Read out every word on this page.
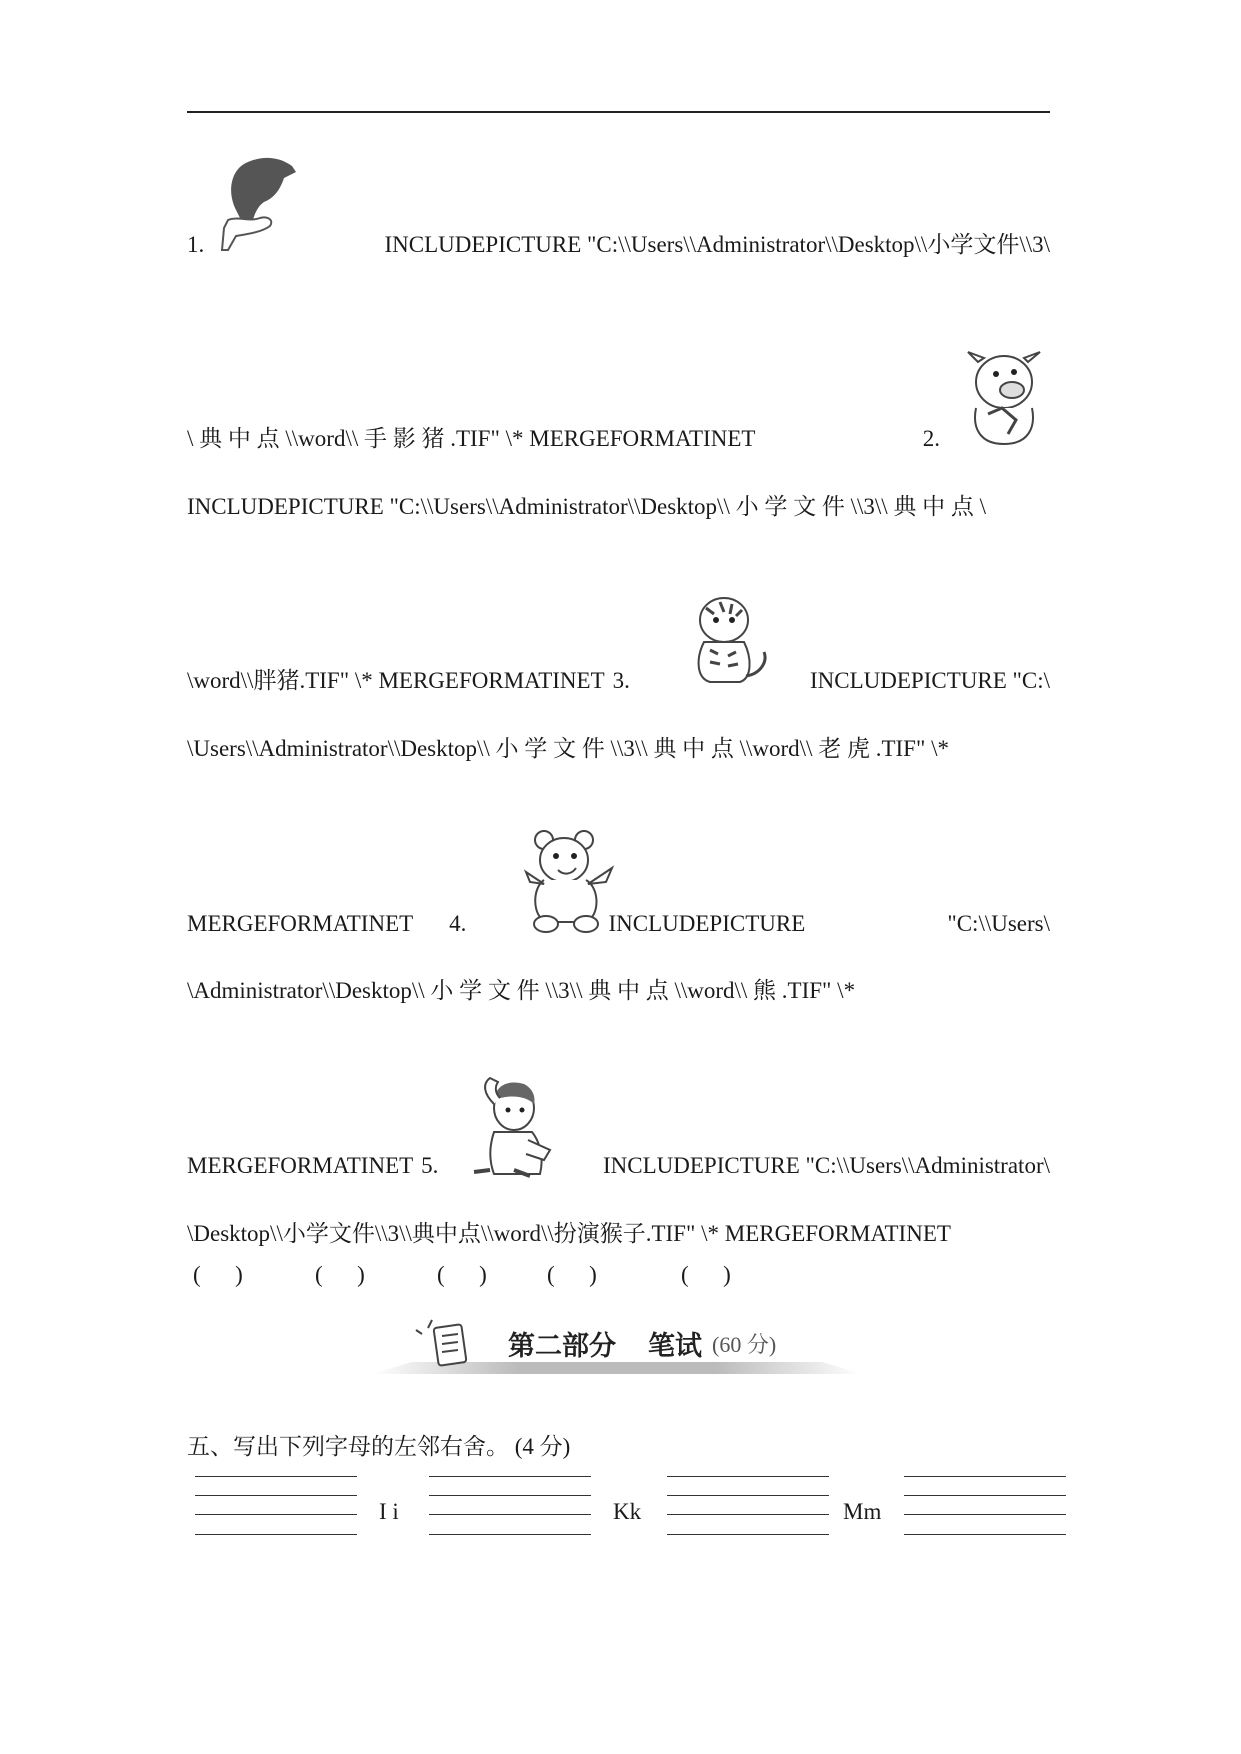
1.	INCLUDEPICTURE "C:\\Users\\Administrator\\Desktop\\小学文件\\3\
\ 典 中 点 \\word\\ 手 影 猪 .TIF" \* MERGEFORMATINET	2.
INCLUDEPICTURE "C:\\Users\\Administrator\\Desktop\\ 小 学 文 件 \\3\\ 典 中 点 \
\word\\胖猪.TIF" \* MERGEFORMATINET 3.	INCLUDEPICTURE "C:\
\Users\\Administrator\\Desktop\\ 小 学 文 件 \\3\\ 典 中 点 \\word\\ 老 虎 .TIF" \*
MERGEFORMATINET 4.	INCLUDEPICTURE	"C:\\Users\
\Administrator\\Desktop\\ 小 学 文 件 \\3\\ 典 中 点 \\word\\ 熊 .TIF" \*
MERGEFORMATINET 5.	INCLUDEPICTURE "C:\\Users\\Administrator\
\Desktop\\小学文件\\3\\典中点\\word\\扮演猴子.TIF" \* MERGEFORMATINET
(      )	(      )	(      )	(      )	(      )
第二部分 笔试 (60 分)
五、写出下列字母的左邻右舍。 (4 分)
I i	Kk	Mm
